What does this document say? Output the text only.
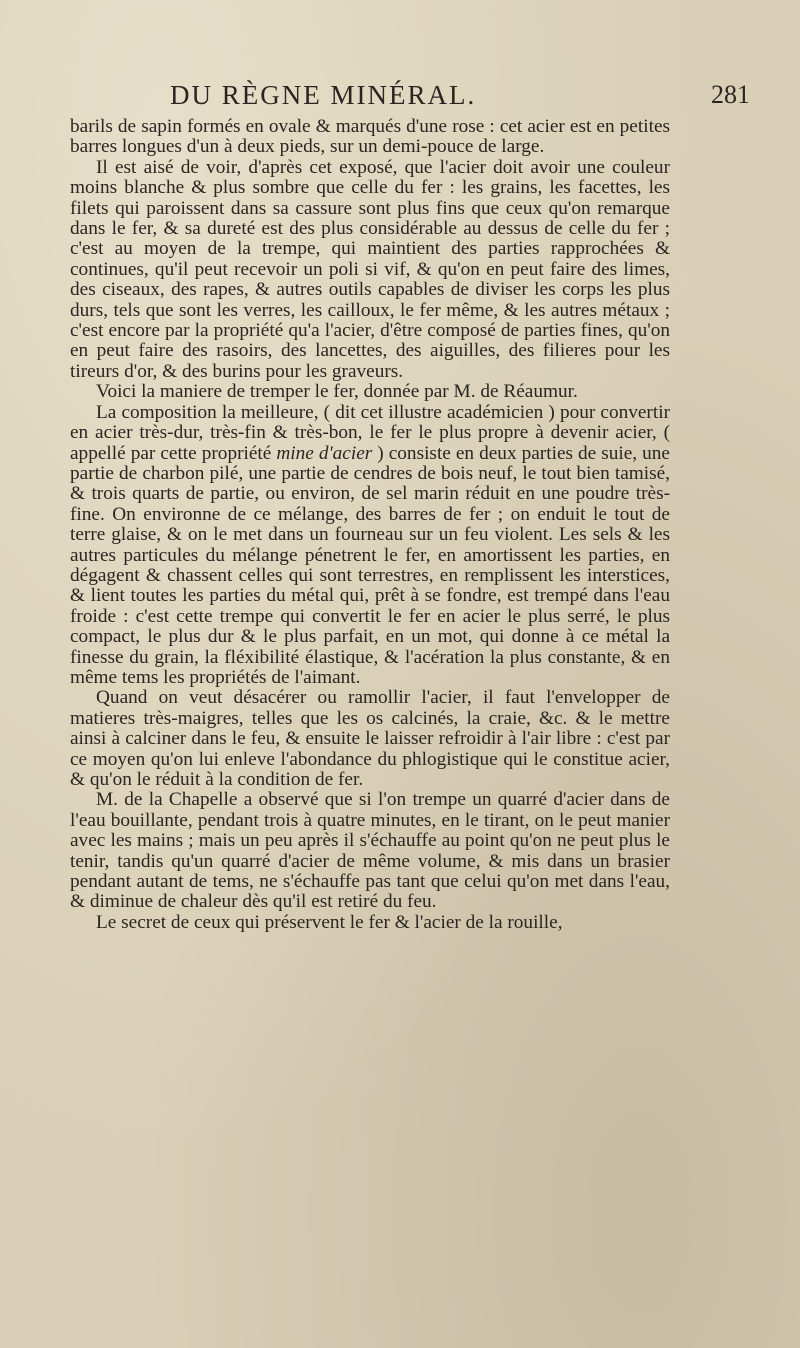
DU RÈGNE MINÉRAL.	281

barils de sapin formés en ovale & marqués d'une rose : cet acier est en petites barres longues d'un à deux pieds, sur un demi-pouce de large.

Il est aisé de voir, d'après cet exposé, que l'acier doit avoir une couleur moins blanche & plus sombre que celle du fer : les grains, les facettes, les filets qui paroissent dans sa cassure sont plus fins que ceux qu'on remarque dans le fer, & sa dureté est des plus considérable au dessus de celle du fer ; c'est au moyen de la trempe, qui maintient des parties rapprochées & continues, qu'il peut recevoir un poli si vif, & qu'on en peut faire des limes, des ciseaux, des rapes, & autres outils capables de diviser les corps les plus durs, tels que sont les verres, les cailloux, le fer même, & les autres métaux ; c'est encore par la propriété qu'a l'acier, d'être composé de parties fines, qu'on en peut faire des rasoirs, des lancettes, des aiguilles, des filieres pour les tireurs d'or, & des burins pour les graveurs.

Voici la maniere de tremper le fer, donnée par M. de Réaumur.

La composition la meilleure, ( dit cet illustre académicien ) pour convertir en acier très-dur, très-fin & très-bon, le fer le plus propre à devenir acier, ( appellé par cette propriété mine d'acier ) consiste en deux parties de suie, une partie de charbon pilé, une partie de cendres de bois neuf, le tout bien tamisé, & trois quarts de partie, ou environ, de sel marin réduit en une poudre très-fine. On environne de ce mélange, des barres de fer ; on enduit le tout de terre glaise, & on le met dans un fourneau sur un feu violent. Les sels & les autres particules du mélange pénetrent le fer, en amortissent les parties, en dégagent & chassent celles qui sont terrestres, en remplissent les interstices, & lient toutes les parties du métal qui, prêt à se fondre, est trempé dans l'eau froide : c'est cette trempe qui convertit le fer en acier le plus serré, le plus compact, le plus dur & le plus parfait, en un mot, qui donne à ce métal la finesse du grain, la fléxibilité élastique, & l'acération la plus constante, & en même tems les propriétés de l'aimant.

Quand on veut désacérer ou ramollir l'acier, il faut l'envelopper de matieres très-maigres, telles que les os calcinés, la craie, &c. & le mettre ainsi à calciner dans le feu, & ensuite le laisser refroidir à l'air libre : c'est par ce moyen qu'on lui enleve l'abondance du phlogistique qui le constitue acier, & qu'on le réduit à la condition de fer.

M. de la Chapelle a observé que si l'on trempe un quarré d'acier dans de l'eau bouillante, pendant trois à quatre minutes, en le tirant, on le peut manier avec les mains ; mais un peu après il s'échauffe au point qu'on ne peut plus le tenir, tandis qu'un quarré d'acier de même volume, & mis dans un brasier pendant autant de tems, ne s'échauffe pas tant que celui qu'on met dans l'eau, & diminue de chaleur dès qu'il est retiré du feu.

Le secret de ceux qui préservent le fer & l'acier de la rouille,
